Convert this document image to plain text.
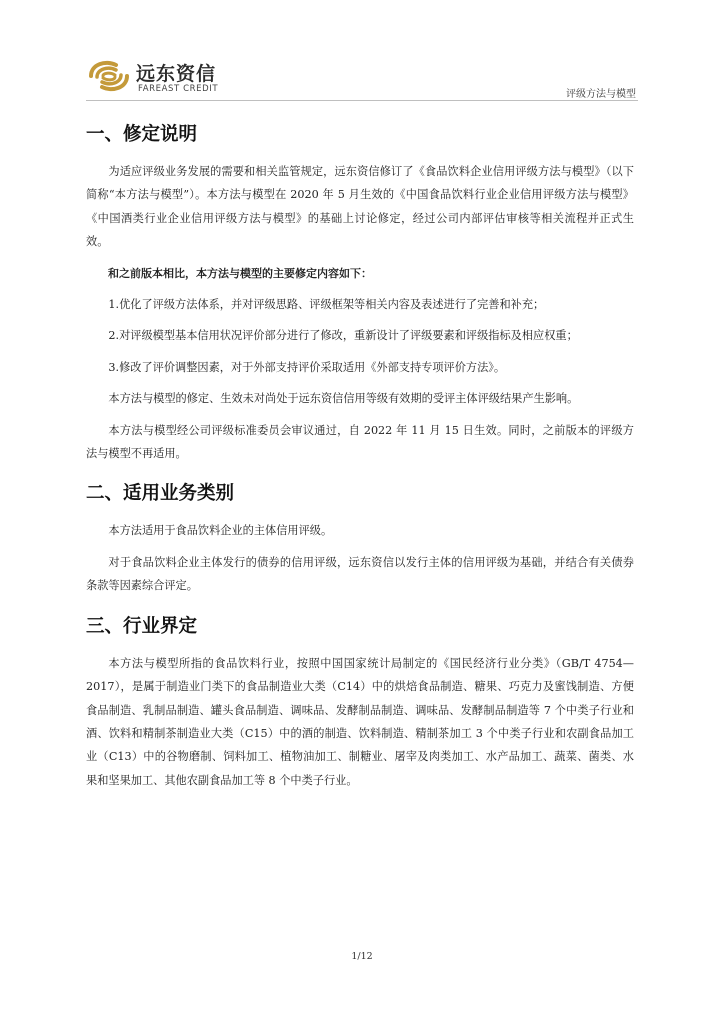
远东资信
FAREAST CREDIT	评级方法与模型
一、修定说明

为适应评级业务发展的需要和相关监管规定，远东资信修订了《食品饮料企业信用评级方法与模型》（以下简称“本方法与模型”）。本方法与模型在 2020 年 5 月生效的《中国食品饮料行业企业信用评级方法与模型》《中国酒类行业企业信用评级方法与模型》的基础上讨论修定，经过公司内部评估审核等相关流程并正式生效。

和之前版本相比，本方法与模型的主要修定内容如下：

1.优化了评级方法体系，并对评级思路、评级框架等相关内容及表述进行了完善和补充；

2.对评级模型基本信用状况评价部分进行了修改，重新设计了评级要素和评级指标及相应权重；

3.修改了评价调整因素，对于外部支持评价采取适用《外部支持专项评价方法》。

本方法与模型的修定、生效未对尚处于远东资信信用等级有效期的受评主体评级结果产生影响。

本方法与模型经公司评级标准委员会审议通过，自 2022 年 11 月 15 日生效。同时，之前版本的评级方法与模型不再适用。

二、适用业务类别

本方法适用于食品饮料企业的主体信用评级。

对于食品饮料企业主体发行的债券的信用评级，远东资信以发行主体的信用评级为基础，并结合有关债券条款等因素综合评定。

三、行业界定

本方法与模型所指的食品饮料行业，按照中国国家统计局制定的《国民经济行业分类》（GB/T 4754—2017），是属于制造业门类下的食品制造业大类（C14）中的烘焙食品制造、糖果、巧克力及蜜饯制造、方便食品制造、乳制品制造、罐头食品制造、调味品、发酵制品制造、调味品、发酵制品制造等 7 个中类子行业和酒、饮料和精制茶制造业大类（C15）中的酒的制造、饮料制造、精制茶加工 3 个中类子行业和农副食品加工业（C13）中的谷物磨制、饲料加工、植物油加工、制糖业、屠宰及肉类加工、水产品加工、蔬菜、菌类、水果和坚果加工、其他农副食品加工等 8 个中类子行业。

1/12
